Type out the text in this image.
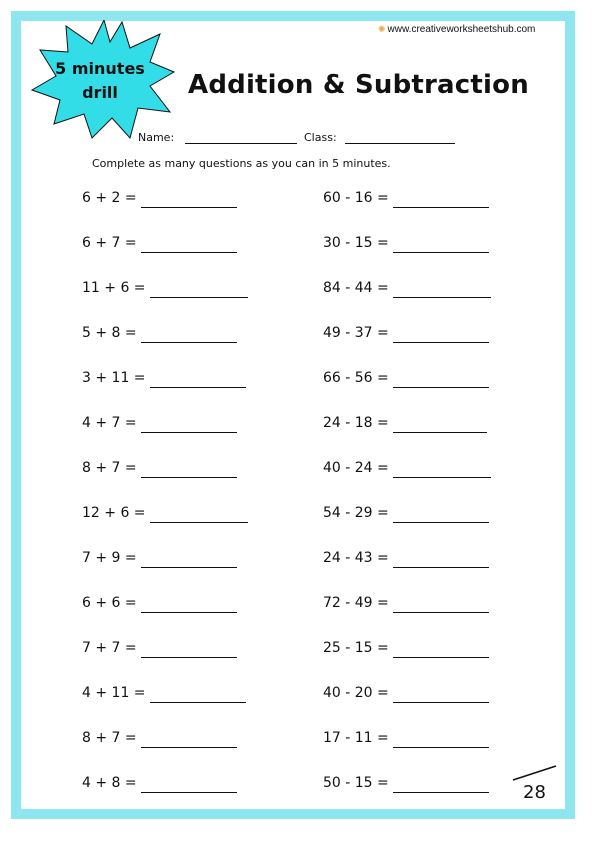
✺ www.creativeworksheetshub.com
5 minutes
drill	Addition & Subtraction
Name:	Class:
Complete as many questions as you can in 5 minutes.
6 + 2 =
6 + 7 =
11 + 6 =
5 + 8 =
3 + 11 =
4 + 7 =
8 + 7 =
12 + 6 =
7 + 9 =
6 + 6 =
7 + 7 =
4 + 11 =
8 + 7 =
4 + 8 =
60 - 16 =
30 - 15 =
84 - 44 =
49 - 37 =
66 - 56 =
24 - 18 =
40 - 24 =
54 - 29 =
24 - 43 =
72 - 49 =
25 - 15 =
40 - 20 =
17 - 11 =
50 - 15 =	28
